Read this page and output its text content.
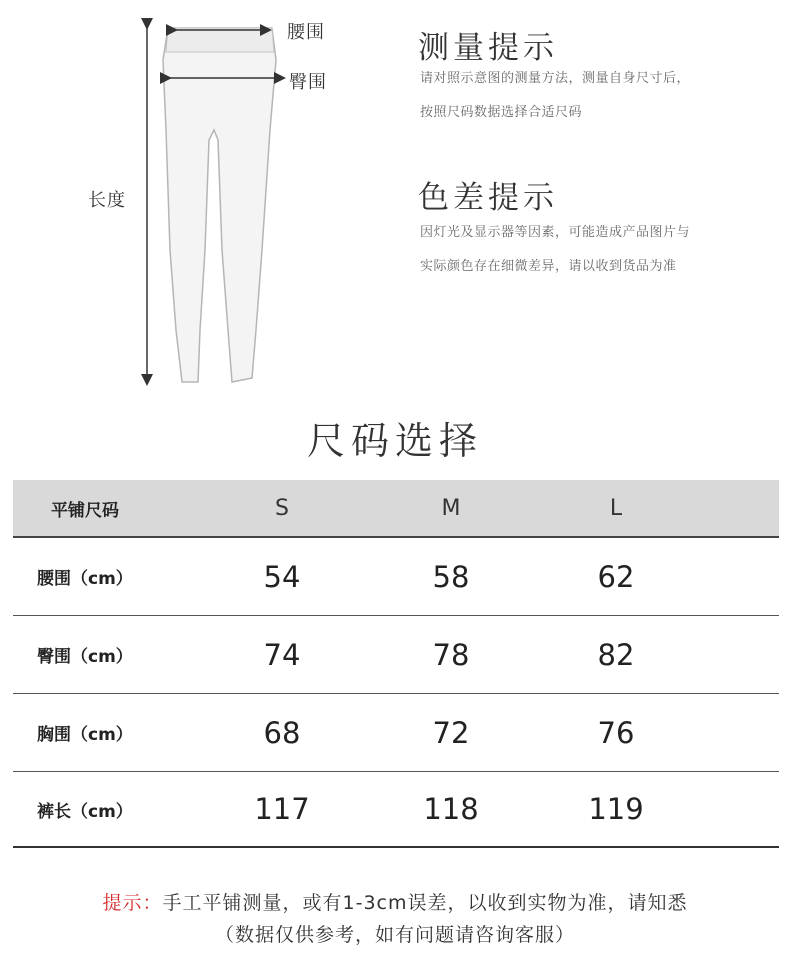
腰围
臀围
长度
测量提示
请对照示意图的测量方法，测量自身尺寸后，
按照尺码数据选择合适尺码
色差提示
因灯光及显示器等因素，可能造成产品图片与
实际颜色存在细微差异，请以收到货品为准
尺码选择
平铺尺码	S	M	L
腰围（cm）	54	58	62
臀围（cm）	74	78	82
胸围（cm）	68	72	76
裤长（cm）	117	118	119
提示：手工平铺测量，或有1-3cm误差，以收到实物为准，请知悉
（数据仅供参考，如有问题请咨询客服）
